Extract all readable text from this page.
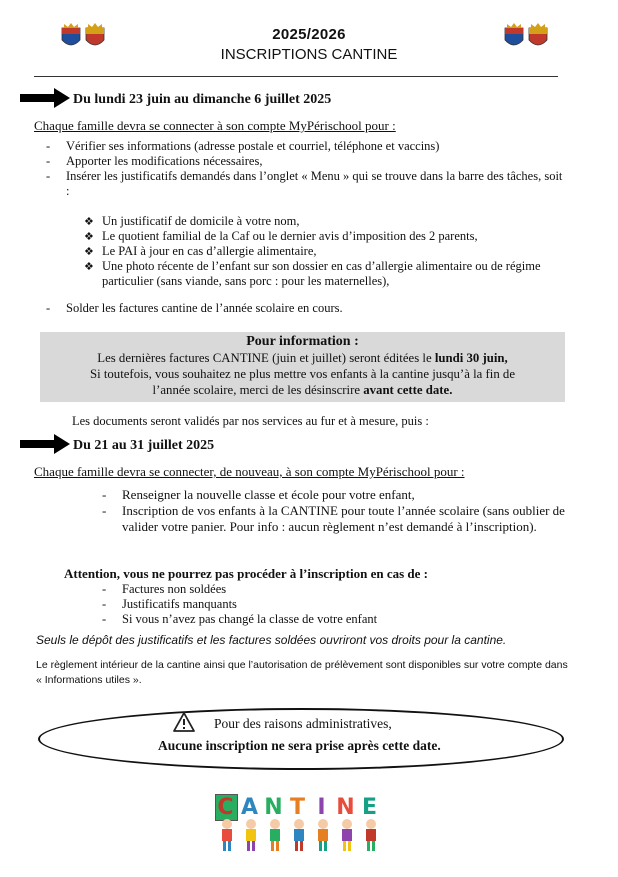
2025/2026
INSCRIPTIONS CANTINE
Du lundi 23 juin au dimanche 6 juillet 2025
Chaque famille devra se connecter à son compte MyPérischool pour :
- Vérifier ses informations (adresse postale et courriel, téléphone et vaccins)
- Apporter les modifications nécessaires,
- Insérer les justificatifs demandés dans l’onglet « Menu » qui se trouve dans la barre des tâches, soit :
❖ Un justificatif de domicile à votre nom,
❖ Le quotient familial de la Caf ou le dernier avis d’imposition des 2 parents,
❖ Le PAI à jour en cas d’allergie alimentaire,
❖ Une photo récente de l’enfant sur son dossier en cas d’allergie alimentaire ou de régime particulier (sans viande, sans porc : pour les maternelles),
- Solder les factures cantine de l’année scolaire en cours.
Pour information :
Les dernières factures CANTINE (juin et juillet) seront éditées le lundi 30 juin,
Si toutefois, vous souhaitez ne plus mettre vos enfants à la cantine jusqu’à la fin de
l’année scolaire, merci de les désinscrire avant cette date.
Les documents seront validés par nos services au fur et à mesure, puis :
Du 21 au 31 juillet 2025
Chaque famille devra se connecter, de nouveau, à son compte MyPérischool pour :
- Renseigner la nouvelle classe et école pour votre enfant,
- Inscription de vos enfants à la CANTINE pour toute l’année scolaire (sans oublier de valider votre panier. Pour info : aucun règlement n’est demandé à l’inscription).
Attention, vous ne pourrez pas procéder à l’inscription en cas de :
- Factures non soldées
- Justificatifs manquants
- Si vous n’avez pas changé la classe de votre enfant
Seuls le dépôt des justificatifs et les factures soldées ouvriront vos droits pour la cantine.
Le règlement intérieur de la cantine ainsi que l’autorisation de prélèvement sont disponibles sur votre compte dans « Informations utiles ».
Pour des raisons administratives,
Aucune inscription ne sera prise après cette date.
C A N T I N E
